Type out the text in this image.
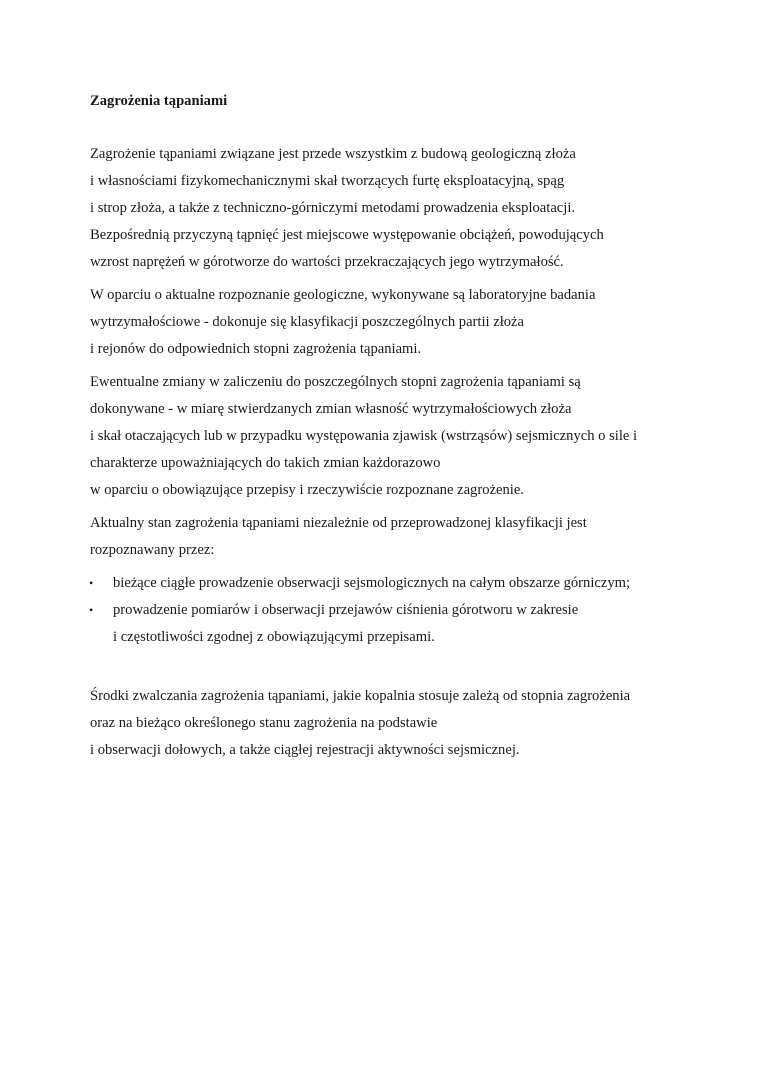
Zagrożenia tąpaniami
Zagrożenie tąpaniami związane jest przede wszystkim z budową geologiczną złoża
i własnościami fizykomechanicznymi skał tworzących furtę eksploatacyjną, spąg
i strop złoża, a także z techniczno-górniczymi metodami prowadzenia eksploatacji.
Bezpośrednią przyczyną tąpnięć jest miejscowe występowanie obciążeń, powodujących
wzrost naprężeń w górotworze do wartości przekraczających jego wytrzymałość.
W oparciu o aktualne rozpoznanie geologiczne, wykonywane są laboratoryjne badania
wytrzymałościowe - dokonuje się klasyfikacji poszczególnych partii złoża
i rejonów do odpowiednich stopni zagrożenia tąpaniami.
Ewentualne zmiany w zaliczeniu do poszczególnych stopni zagrożenia tąpaniami są
dokonywane - w miarę stwierdzanych zmian własność wytrzymałościowych złoża
i skał otaczających lub w przypadku występowania zjawisk (wstrząsów) sejsmicznych o sile i
charakterze upoważniających do takich zmian każdorazowo
w oparciu o obowiązujące przepisy i rzeczywiście rozpoznane zagrożenie.
Aktualny stan zagrożenia tąpaniami niezależnie od przeprowadzonej klasyfikacji jest
rozpoznawany przez:
• bieżące ciągłe prowadzenie obserwacji sejsmologicznych na całym obszarze górniczym;
• prowadzenie pomiarów i obserwacji przejawów ciśnienia górotworu w zakresie
i częstotliwości zgodnej z obowiązującymi przepisami.
Środki zwalczania zagrożenia tąpaniami, jakie kopalnia stosuje zależą od stopnia zagrożenia
oraz na bieżąco określonego stanu zagrożenia na podstawie
i obserwacji dołowych, a także ciągłej rejestracji aktywności sejsmicznej.
